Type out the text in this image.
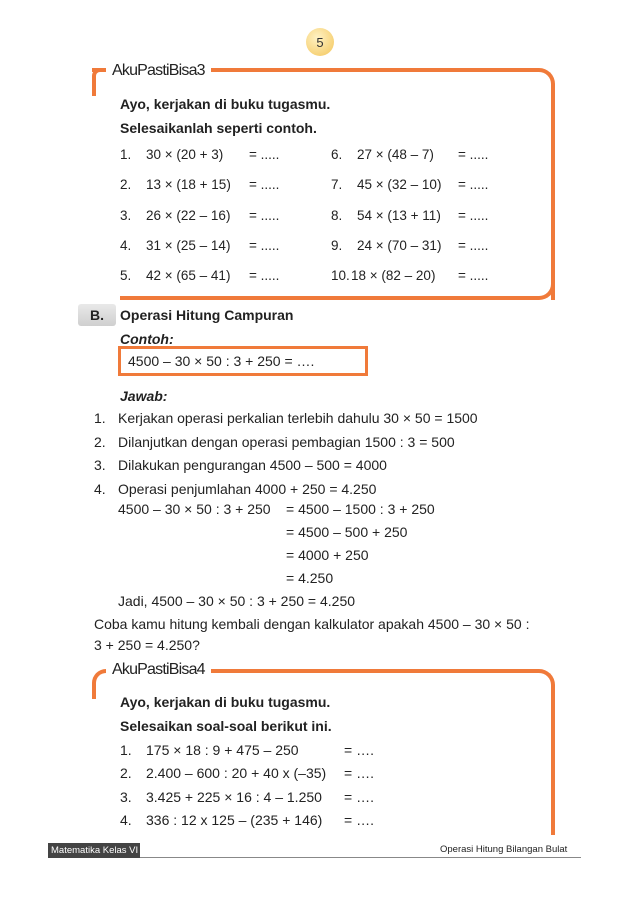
5
AkuPastiBisa3
Ayo, kerjakan di buku tugasmu.
Selesaikanlah seperti contoh.
1. 30 × (20 + 3) = .....
2. 13 × (18 + 15) = .....
3. 26 × (22 – 16) = .....
4. 31 × (25 – 14) = .....
5. 42 × (65 – 41) = .....
6. 27 × (48 – 7) = .....
7. 45 × (32 – 10) = .....
8. 54 × (13 + 11) = .....
9. 24 × (70 – 31) = .....
10. 18 × (82 – 20) = .....
B.	Operasi Hitung Campuran
Contoh:
4500 – 30 × 50 : 3 + 250 = ….
Jawab:
1. Kerjakan operasi perkalian terlebih dahulu 30 × 50 = 1500
2. Dilanjutkan dengan operasi pembagian 1500 : 3 = 500
3. Dilakukan pengurangan 4500 – 500 = 4000
4. Operasi penjumlahan 4000 + 250 = 4.250
4500 – 30 × 50 : 3 + 250 = 4500 – 1500 : 3 + 250
= 4500 – 500 + 250
= 4000 + 250
= 4.250
Jadi, 4500 – 30 × 50 : 3 + 250 = 4.250
Coba kamu hitung kembali dengan kalkulator apakah 4500 – 30 × 50 :
3 + 250 = 4.250?
AkuPastiBisa4
Ayo, kerjakan di buku tugasmu.
Selesaikan soal-soal berikut ini.
1. 175 × 18 : 9 + 475 – 250	= ….
2. 2.400 – 600 : 20 + 40 x (–35) = ….
3. 3.425 + 225 × 16 : 4 – 1.250 = ….
4. 336 : 12 x 125 – (235 + 146) = ….
Matematika Kelas VI	Operasi Hitung Bilangan Bulat
